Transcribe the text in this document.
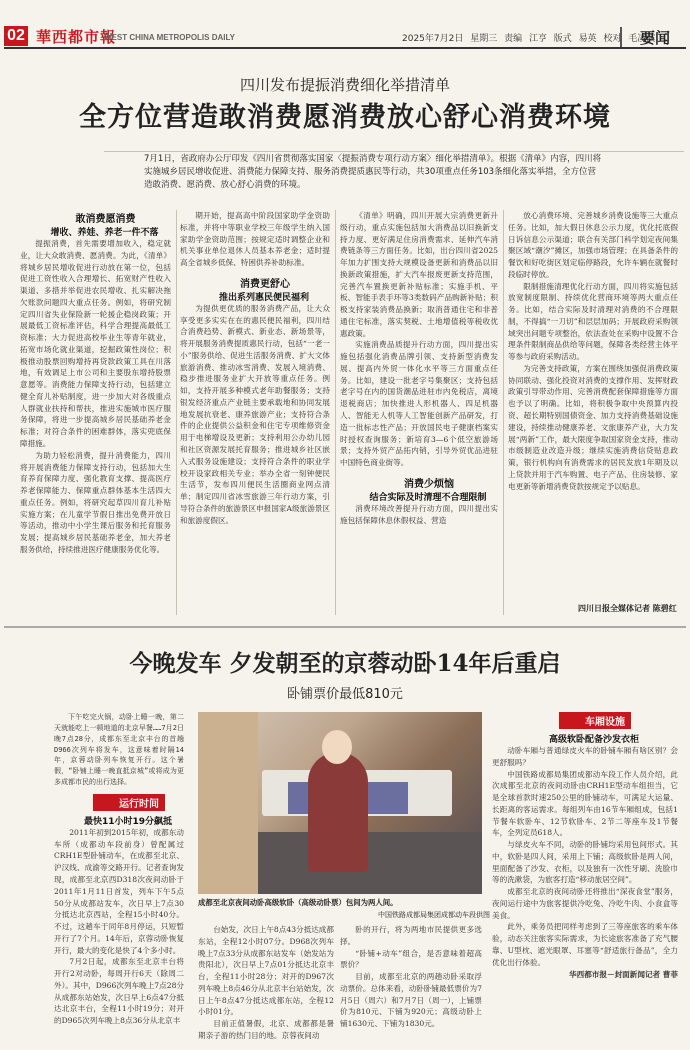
02 華西都市報
WEST CHINA METROPOLIS DAILY	2025年7月2日 星期三 责编 江亨 版式 易英 校对 毛凌波
要闻
四川发布提振消费细化举措清单
全方位营造敢消费愿消费放心舒心消费环境
7月1日，省政府办公厅印发《四川省贯彻落实国家〈提振消费专项行动方案〉细化举措清单》。根据《清单》内容，四川将实施城乡居民增收促进、消费能力保障支持、服务消费提质惠民等行动，共30项重点任务103条细化落实举措，全方位营造敢消费、愿消费、放心舒心消费的环境。

敢消费愿消费

增收、养娃、养老一件不落

提振消费，首先需要增加收入，稳定就业，让大众敢消费、愿消费。为此，《清单》将城乡居民增收促进行动放在第一位，包括促进工资性收入合理增长、拓宽财产性收入渠道、多措并举促进农民增收、扎实解决拖欠账款问题四大重点任务。例如，将研究制定四川省失业保险新一轮援企稳岗政策；开展最低工资标准评估，科学合理提高最低工资标准；大力促进高校毕业生等青年就业，拓宽市场化就业渠道，挖掘政策性岗位；积极推动股票回购增持再贷款政策工具在川落地，有效调足上市公司和主要股东增持股票意愿等。消费能力保障支持行动，包括建立健全育儿补贴制度，进一步加大对各级重点人群就业扶持和帮扶，推进实施城市医疗服务保障，将进一步提高城乡居民基础养老金标准；对符合条件的困难群体，落实兜底保障措施。

为助力轻松消费，提升消费能力，四川将开展消费能力保障支持行动，包括加大生育养育保障力度、强化教育支撑、提高医疗养老保障能力、保障重点群体基本生活四大重点任务。例如，将研究起草四川育儿补贴实施方案；在儿童学节假日推出免费开放日等活动，推动中小学生课后服务和托育服务发展；提高城乡居民基础养老金，加大养老服务供给，持续推进医疗健康服务优化等。

期开始，提高高中阶段国家助学金资助标准，并将中等职业学校三年级学生纳入国家助学金资助范围；按规定适时调整企业和机关事业单位退休人员基本养老金；适时提高全省城乡低保、特困供养补助标准。

消费更舒心

推出系列惠民便民福利

为提供更优质的服务消费产品，让大众享受更多实实在在的惠民便民福利，四川结合消费趋势、新模式、新业态、新场景等，将开展服务消费提质惠民行动，包括“一老一小”服务供给、促进生活服务消费、扩大文体旅游消费、推动冰雪消费、发展入境消费、稳步推进服务业扩大开放等重点任务。例如，支持开展多种模式老年助餐服务；支持银发经济重点产业链主要承载地和协同发展地发展抗衰老、康养旅游产业；支持符合条件的企业提供公益积金和住宅专项维修资金用于电梯增设及更新；支持利用公办幼儿园和社区资源发展托育服务；推进城乡社区嵌入式服务设施建设；支持符合条件的职业学校开设家政相关专业；举办全省一刻钟便民生活节，发布四川便民生活圈商业网点清单；制定四川省冰雪旅游三年行动方案，引导符合条件的旅游景区申报国家A级旅游景区和旅游度假区。

《清单》明确，四川开展大宗消费更新升级行动，重点实施包括加大消费品以旧换新支持力度、更好满足住房消费需求、延伸汽车消费链条等三方面任务。比如，出台四川省2025年加力扩围支持大规模设备更新和消费品以旧换新政策措施，扩大汽车报废更新支持范围，完善汽车置换更新补贴标准；实施手机、平板、智能手表手环等3类数码产品购新补贴；积极支持家装消费品换新；取消普通住宅和非普通住宅标准，落实契税、土地增值税等税收优惠政策。

实施消费品质提升行动方面，四川提出实施包括强化消费品牌引领、支持新型消费发展、提高内外贸一体化水平等三方面重点任务。比如，建设一批老字号集聚区；支持包括老字号在内的国货潮品进驻市内免税店，离境退税商店；加快推进人形机器人、四足机器人、智能无人机等人工智能创新产品研发，打造一批标志性产品；开放国民电子健康档案实时授权查询服务；新培育3—6个低空旅游场景；支持外贸产品拓内销，引导外贸优品进驻中国特色商业街等。

消费少烦恼

结合实际及时清理不合理限制

消费环境改善提升行动方面，四川提出实施包括保障休息休假权益、营造

放心消费环境、完善城乡消费设施等三大重点任务。比如，加大假日休息公示力度，优化托底假日诉信息公示渠道；联合有关部门科学划定夜间集聚区域“潮汐”摊区，加强市场管理；在具备条件的餐饮和好吃街区划定临停路段，允许车辆在就餐时段临时停放。

限制措施清理优化行动方面，四川将实施包括放宽制度限制、持续优化营商环境等两大重点任务。比如，结合实际及时清理对消费的不合理限制，不得搞“一刀切”和层层加码；开展政府采购领域突出问题专项整治，依法查处在采购中设置不合理条件限制商品供给等问题，保障各类经营主体平等参与政府采购活动。

为完善支持政策，方案在围绕加强促消费政策协同联动、强化投资对消费的支撑作用、发挥财政政策引导带动作用、完善消费配套保障措施等方面也予以了明确。比如，将积极争取中央预算内投资、超长期特别国债资金、加力支持消费基础设施建设，持续推动健康养老、文旅康养产业，大力发展“两新”工作，最大限度争取国家资金支持，推动市级制造业改造升级；继续实施消费信贷贴息政策，银行机构向有消费需求的居民发放1年期及以上贷款并用于汽车购置、电子产品、住房装修、家电更新等新增消费贷款按规定予以贴息。

四川日报全媒体记者 陈碧红
今晚发车 夕发朝至的京蓉动卧14年后重启
卧铺票价最低810元

下午吃完火锅，动卧上睡一晚，第二天就能吃上一顿地道的北京早餐……7月2日晚7点28分，成都东至北京丰台的首趟D966次列车将发车，这意味着时隔14年，京蓉动卧列车恢复开行。这个暑假，“卧铺上睡一晚直抵京城”或将成为更多成都市民的出行选择。

运行时间

最快11小时19分飙抵

2011年初到2015年初，成都东动车所（成都动车段前身）曾配属过CRH1E型卧铺动车，在成都至北京、沪汉线、成渝等交路开行。记者查询发现，成都至北京西D318次夜间动卧于2011年1月11日首发，列车下午5点50分从成都站发车，次日早上7点30分抵达北京西站，全程15小时40分。不过，这趟车于同年8月停运，只短暂开行了7个月。14年后，京蓉动卧恢复开行，最大的变化是快了4个多小时。

7月2日起，成都东至北京丰台将开行2对动卧，每周开行6天（除周二外）。其中，D966次列车晚上7点28分从成都东站始发，次日早上6点47分抵达北京丰台，全程11小时19分；对开的D965次列车晚上8点36分从北京丰

成都至北京夜间动卧高级软卧（高级动卧票）包间为两人间。
中国铁路成都局集团成都动车段供图

台始发，次日上午8点43分抵达成都东站，全程12小时07分。D968次列车晚上7点33分从成都东站发车（始发站为贵阳北），次日早上7点01分抵达北京丰台，全程11小时28分；对开的D967次列车晚上8点46分从北京丰台站始发，次日上午8点47分抵达成都东站，全程12小时01分。

目前正值暑假，北京、成都都是暑期亲子游的热门目的地。京蓉夜间动

卧的开行，将为两地市民提供更多选择。

“卧铺+动车”组合，是否意味着超高票价？

目前，成都至北京的两趟动卧采取浮动票价。总体来看，动卧卧铺最低票价为7月5日（周六）和7月7日（周一），上铺票价为810元、下铺为920元；高级动卧上铺1630元、下铺为1830元。

车厢设施

高级软卧配备沙发衣柜

动卧车厢与普通绿皮火车的卧铺车厢有啥区别？会更舒服吗？

中国铁路成都局集团成都动车段工作人员介绍，此次成都至北京的夜间动卧由CRH1E型动车组担当，它是全球首款时速250公里的卧铺动车，可满足大运量、长距离的客运需求。每组列车由16节车厢组成，包括1节餐车软卧车、12节软卧车、2节二等座车及1节餐车，全列定员618人。

与绿皮火车不同，动卧的卧铺均采用包间形式。其中，软卧是四人间，采用上下铺；高级软卧是两人间，里面配备了沙发、衣柜，以及独有一次性牙刷、洗脸巾等的洗漱袋，为旅客打造“移动旅居空间”。

成都至北京的夜间动卧还将推出“深夜食堂”服务，夜间运行途中为旅客提供冷吃兔、冷吃牛肉、小食盒等美食。

此外，乘务员把同样考虑到了三等座旅客的乘车体验，动态关注旅客实际需求，为长途旅客准备了充气腰靠、U型枕、遮光眼罩、耳塞等“舒适旅行备品”，全力优化出行体验。

华西都市报－封面新闻记者 曹菲
